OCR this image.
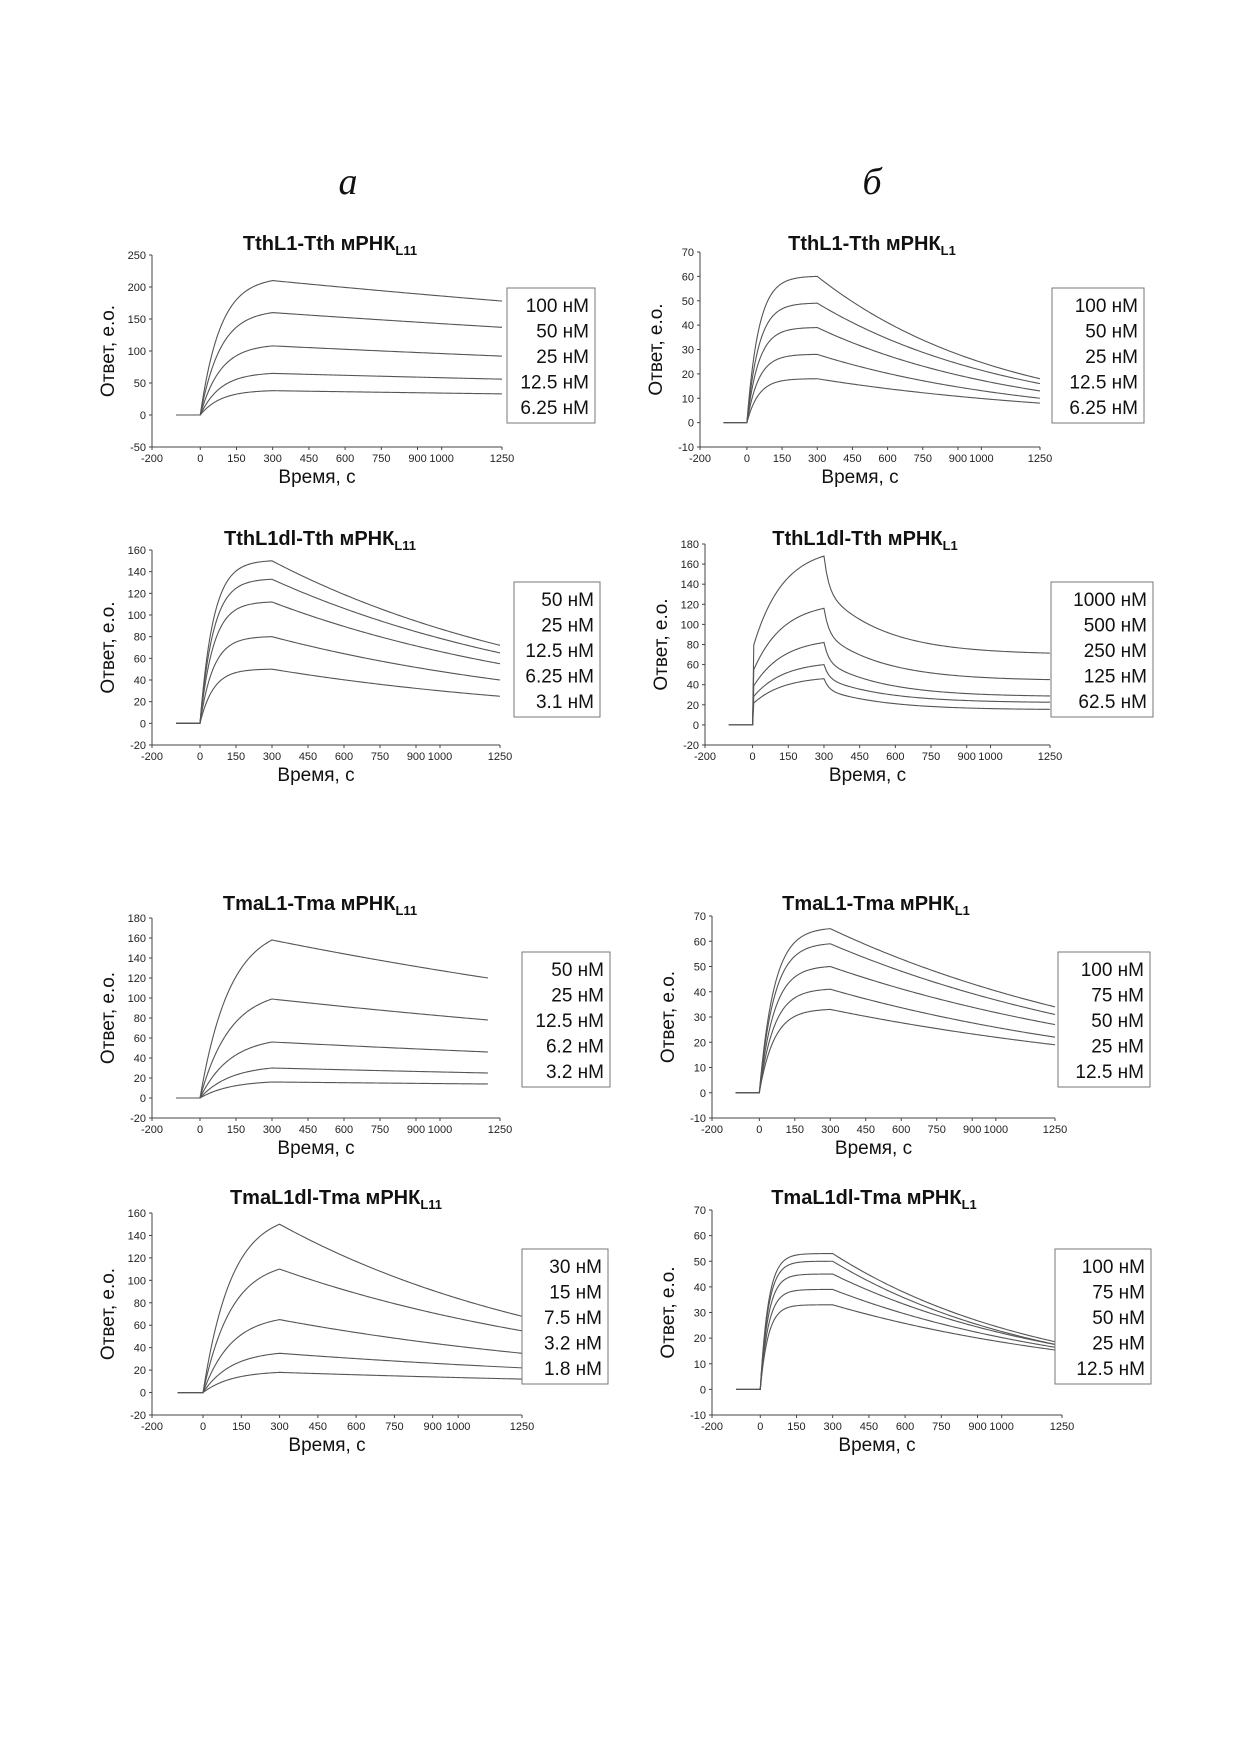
а	б
TthL1-Tth мРНК$_{L11}$
-50
0
50
100
150
200
250
-200	0 150 300 450 600 750 900 1000	1250
Время, с
Ответ, е.о.	100 нМ
50 нМ
25 нМ
12.5 нМ
6.25 нМ
TthL1-Tth мРНК$_{L1}$
-10
0
10
20
30
40
50
60
70
-200	0 150 300 450 600 750 900 1000	1250
Время, с
Ответ, е.о.	100 нМ
50 нМ
25 нМ
12.5 нМ
6.25 нМ
TthL1dl-Tth мРНК$_{L11}$
-20
0
20
40
60
80
100
120
140
160
-200	0 150 300 450 600 750 900 1000	1250
Время, с
Ответ, е.о.
50 нМ
25 нМ
12.5 нМ
6.25 нМ
3.1 нМ
TthL1dl-Tth мРНК$_{L1}$
-20
0
20
40
60
80
100
120
140
160
180
-200	0 150 300 450 600 750 900 1000	1250
Время, с
Ответ, е.о.	1000 нМ
500 нМ
250 нМ
125 нМ
62.5 нМ
TmaL1-Tma мРНК$_{L11}$
-20
0
20
40
60
80
100
120
140
160
180
-200	0 150 300 450 600 750 900 1000	1250
Время, с
Ответ, е.о.
50 нМ
25 нМ
12.5 нМ
6.2 нМ
3.2 нМ
TmaL1-Tma мРНК$_{L1}$
-10
0
10
20
30
40
50
60
70
-200	0 150 300 450 600 750 900 1000	1250
Время, с
Ответ, е.о.
100 нМ
75 нМ
50 нМ
25 нМ
12.5 нМ
TmaL1dl-Tma мРНК$_{L11}$
-20
0
20
40
60
80
100
120
140
160
-200	0 150 300 450 600 750 900 1000	1250
Время, с
Ответ, е.о.
30 нМ
15 нМ
7.5 нМ
3.2 нМ
1.8 нМ
TmaL1dl-Tma мРНК$_{L1}$
-10
0
10
20
30
40
50
60
70
-200	0 150 300 450 600 750 900 1000	1250
Время, с
Ответ, е.о.	100 нМ
75 нМ
50 нМ
25 нМ
12.5 нМ
